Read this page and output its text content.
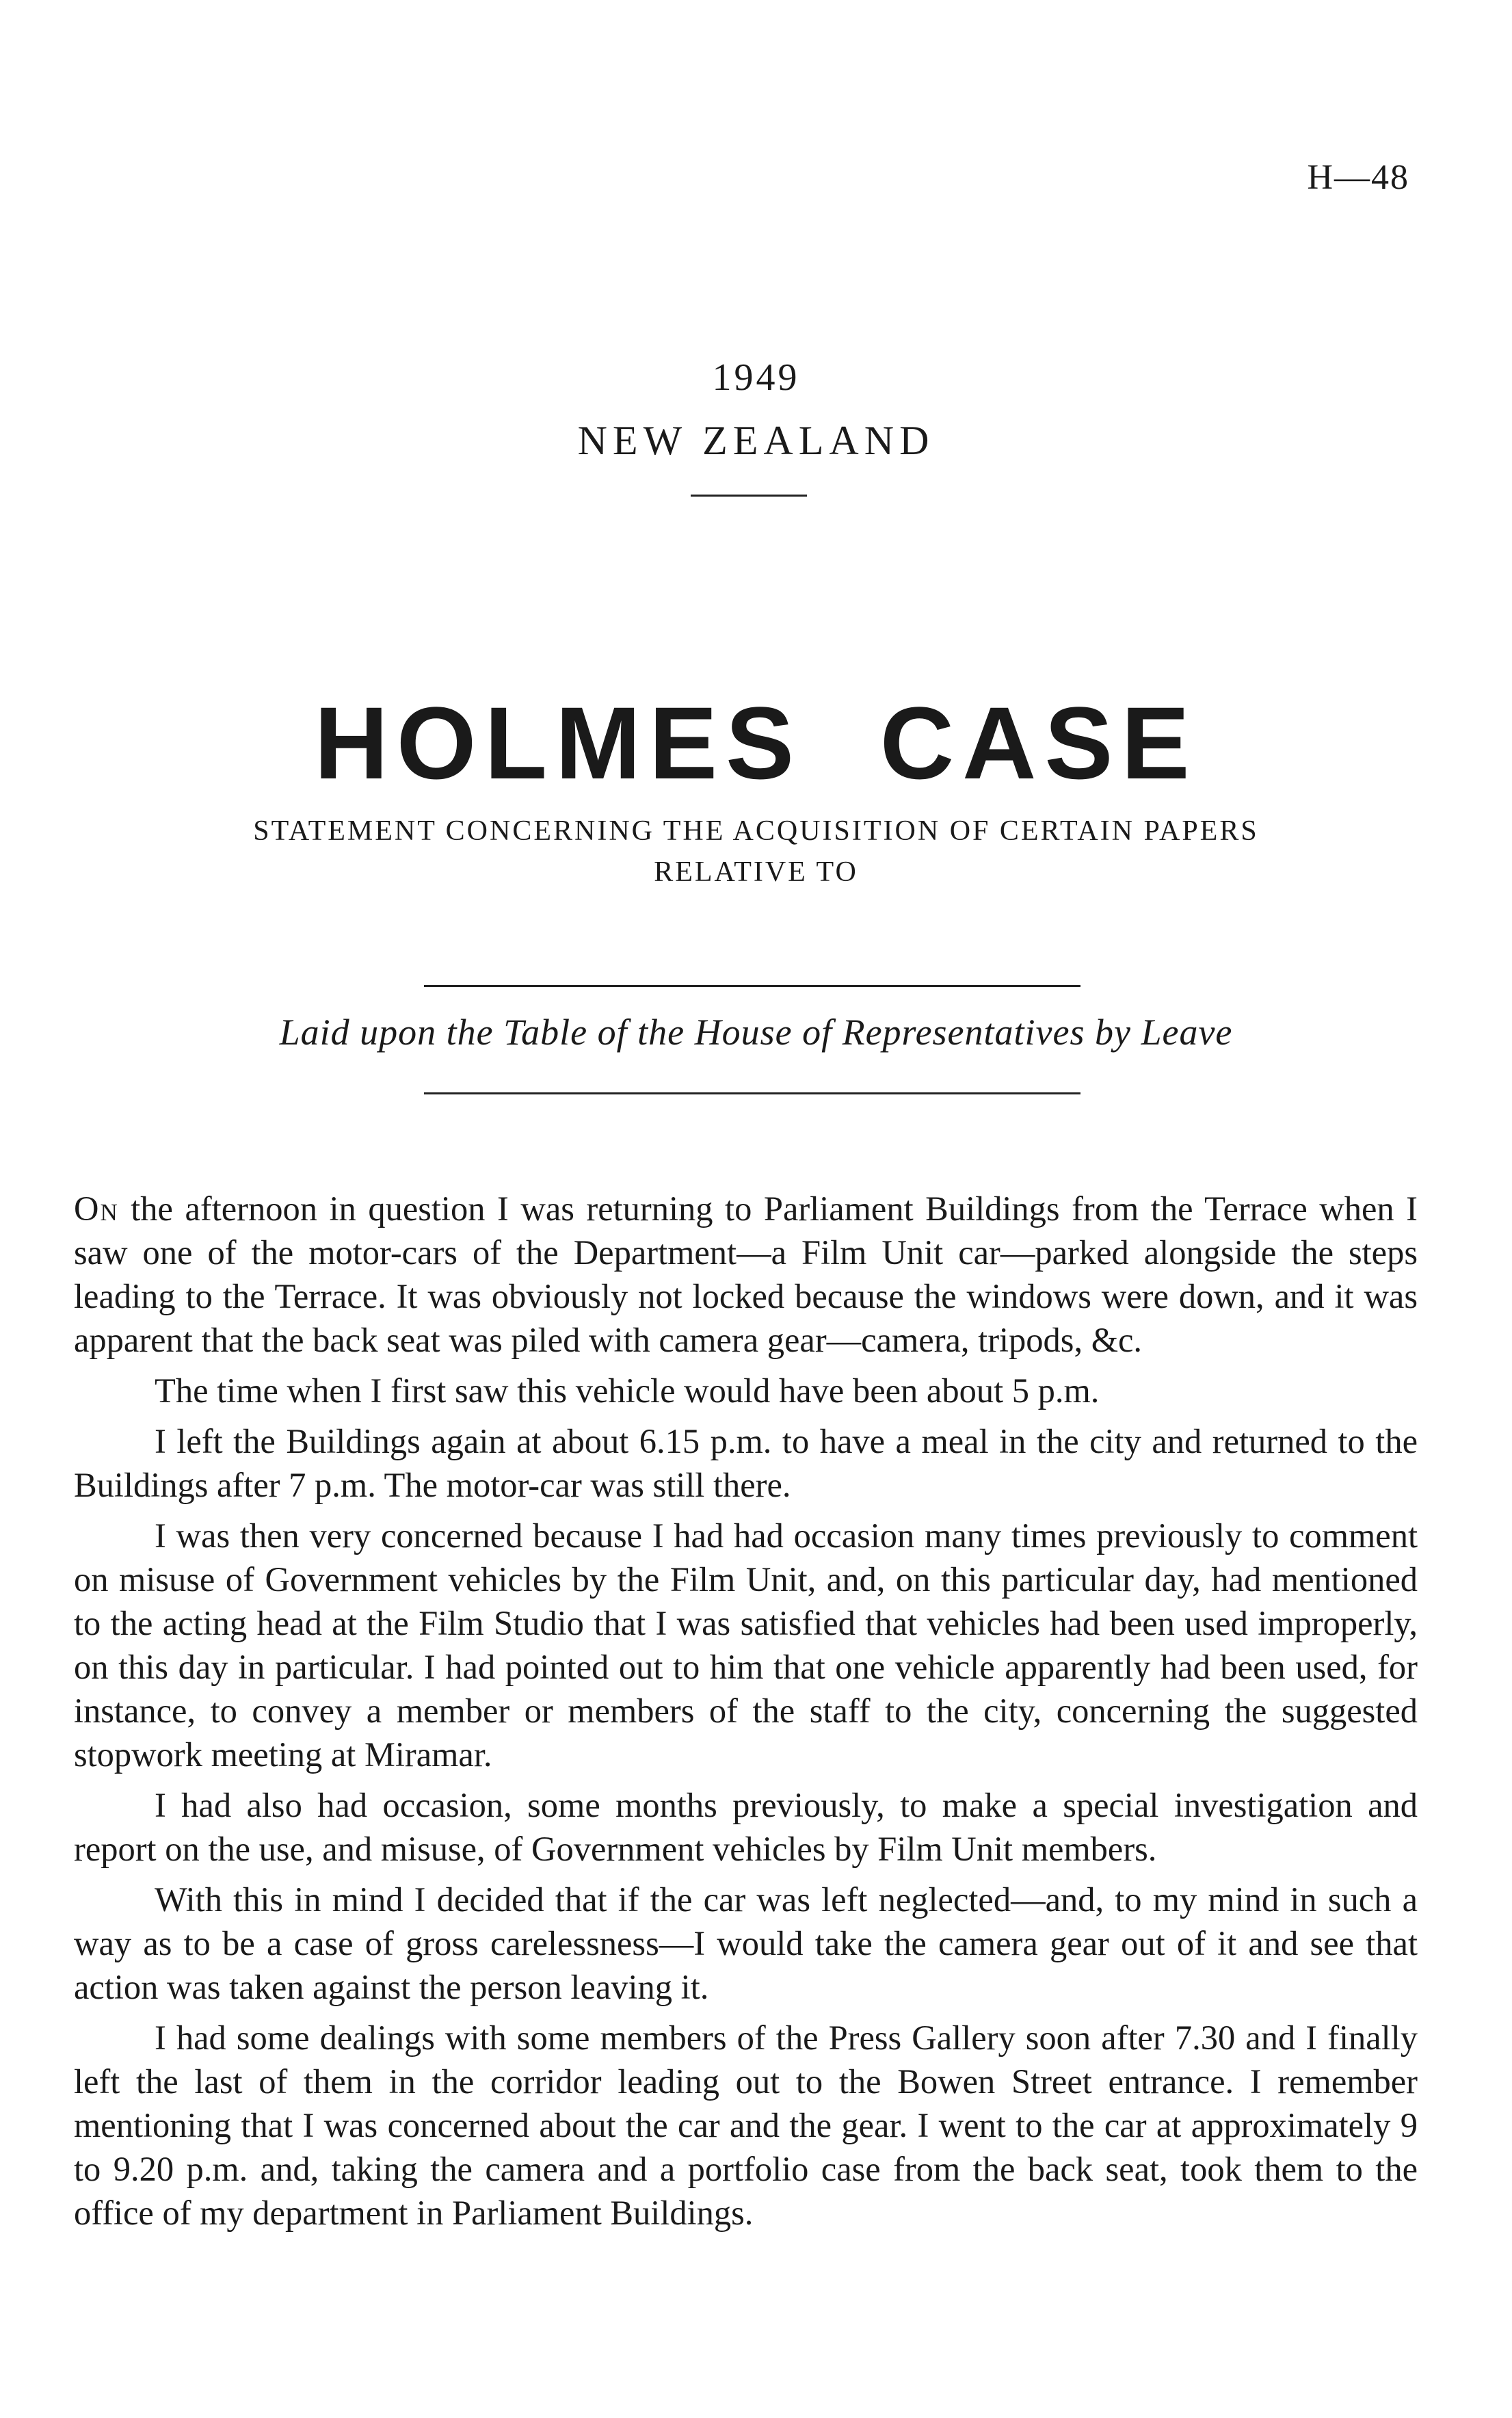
H—48
1949
NEW ZEALAND
HOLMES CASE
STATEMENT CONCERNING THE ACQUISITION OF CERTAIN PAPERS
RELATIVE TO
Laid upon the Table of the House of Representatives by Leave

On the afternoon in question I was returning to Parliament Buildings from the Terrace when I saw one of the motor-cars of the Department—a Film Unit car—parked alongside the steps leading to the Terrace. It was obviously not locked because the windows were down, and it was apparent that the back seat was piled with camera gear—camera, tripods, &c.

The time when I first saw this vehicle would have been about 5 p.m.

I left the Buildings again at about 6.15 p.m. to have a meal in the city and returned to the Buildings after 7 p.m. The motor-car was still there.

I was then very concerned because I had had occasion many times previously to comment on misuse of Government vehicles by the Film Unit, and, on this particular day, had mentioned to the acting head at the Film Studio that I was satisfied that vehicles had been used improperly, on this day in particular. I had pointed out to him that one vehicle apparently had been used, for instance, to convey a member or members of the staff to the city, concerning the suggested stopwork meeting at Miramar.

I had also had occasion, some months previously, to make a special investigation and report on the use, and misuse, of Government vehicles by Film Unit members.

With this in mind I decided that if the car was left neglected—and, to my mind in such a way as to be a case of gross carelessness—I would take the camera gear out of it and see that action was taken against the person leaving it.

I had some dealings with some members of the Press Gallery soon after 7.30 and I finally left the last of them in the corridor leading out to the Bowen Street entrance. I remember mentioning that I was concerned about the car and the gear. I went to the car at approximately 9 to 9.20 p.m. and, taking the camera and a portfolio case from the back seat, took them to the office of my department in Parliament Buildings.
